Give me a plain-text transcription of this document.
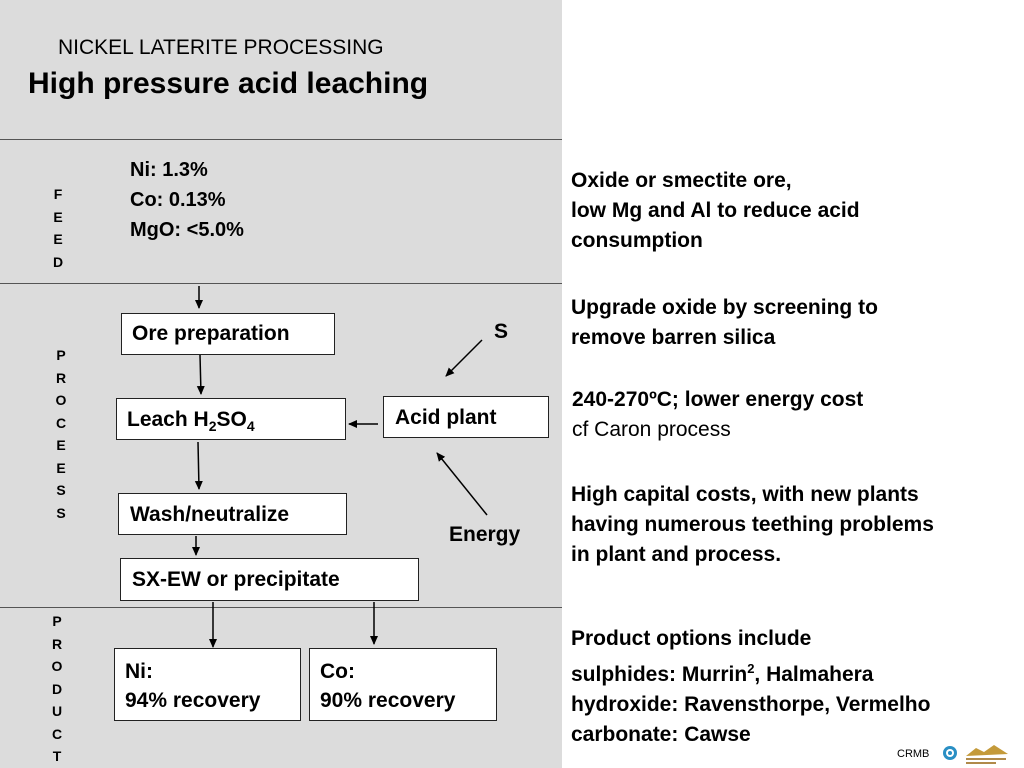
NICKEL LATERITE PROCESSING
High pressure acid leaching
F
E
E
D
P
R
O
C
E
E
S
S
P
R
O
D
U
C
T
Ni: 1.3%
Co: 0.13%
MgO: <5.0%
Ore preparation
Leach $H_2SO_4$	Acid plant
Wash/neutralize
SX-EW or precipitate
Ni:
94% recovery
Co:
90% recovery
S
Energy
Oxide or smectite ore,
low Mg and Al to reduce acid
consumption
Upgrade oxide by screening to
remove barren silica
240-270ºC; lower energy cost
cf Caron process
High capital costs, with new plants
having numerous teething problems
in plant and process.
Product options include
sulphides: Murrin$^2$, Halmahera
hydroxide: Ravensthorpe, Vermelho
carbonate: Cawse
CRMB
